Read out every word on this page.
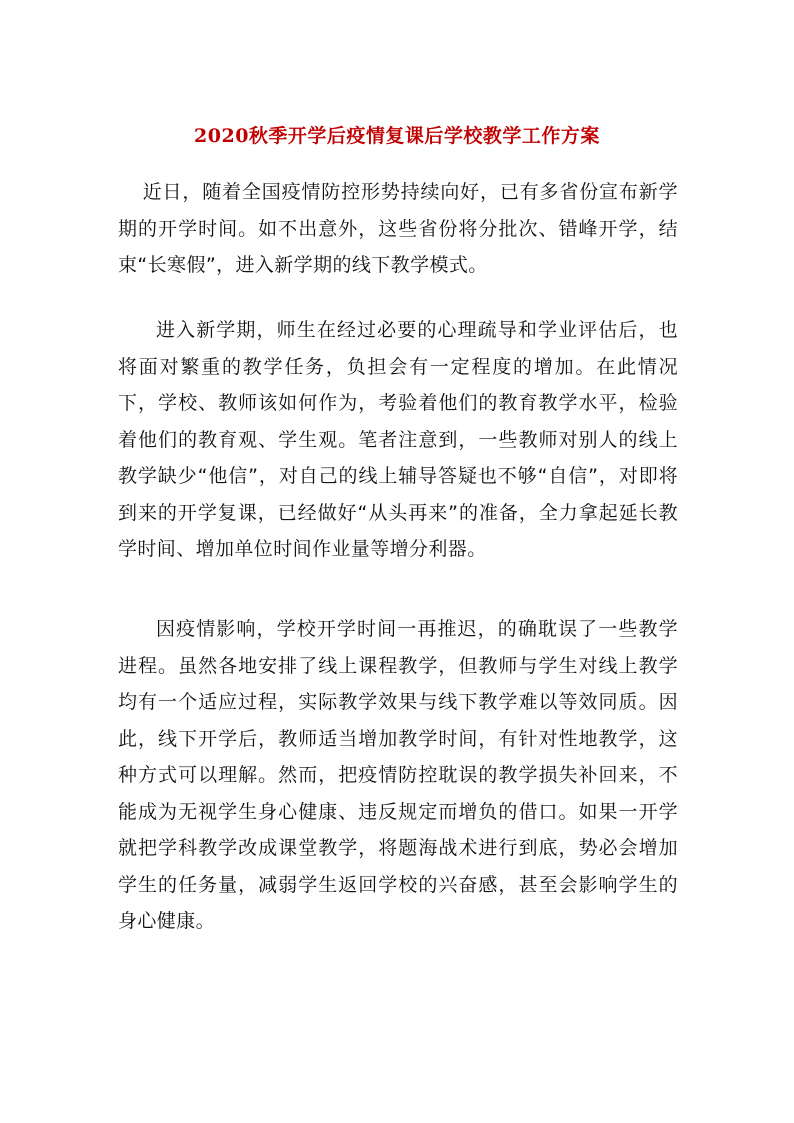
2020秋季开学后疫情复课后学校教学工作方案

近日，随着全国疫情防控形势持续向好，已有多省份宣布新学期的开学时间。如不出意外，这些省份将分批次、错峰开学，结束“长寒假”，进入新学期的线下教学模式。

进入新学期，师生在经过必要的心理疏导和学业评估后，也将面对繁重的教学任务，负担会有一定程度的增加。在此情况下，学校、教师该如何作为，考验着他们的教育教学水平，检验着他们的教育观、学生观。笔者注意到，一些教师对别人的线上教学缺少“他信”，对自己的线上辅导答疑也不够“自信”，对即将到来的开学复课，已经做好“从头再来”的准备，全力拿起延长教学时间、增加单位时间作业量等增分利器。

因疫情影响，学校开学时间一再推迟，的确耽误了一些教学进程。虽然各地安排了线上课程教学，但教师与学生对线上教学均有一个适应过程，实际教学效果与线下教学难以等效同质。因此，线下开学后，教师适当增加教学时间，有针对性地教学，这种方式可以理解。然而，把疫情防控耽误的教学损失补回来，不能成为无视学生身心健康、违反规定而增负的借口。如果一开学就把学科教学改成课堂教学，将题海战术进行到底，势必会增加学生的任务量，减弱学生返回学校的兴奋感，甚至会影响学生的身心健康。
